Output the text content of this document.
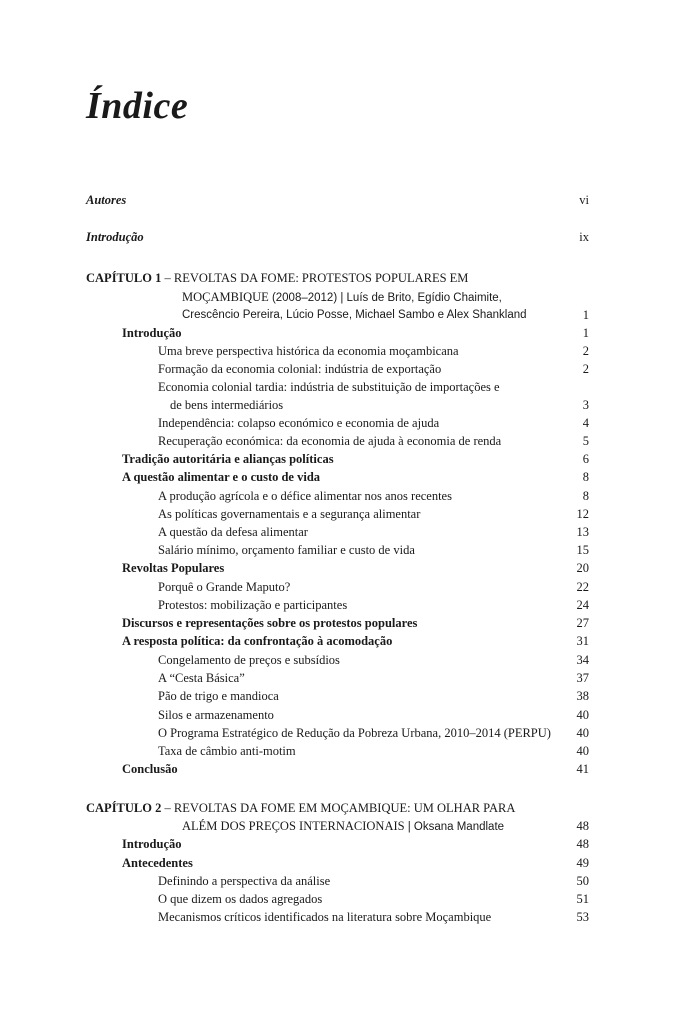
Índice
Autores	vi
Introdução	ix
CAPÍTULO 1 – REVOLTAS DA FOME: PROTESTOS POPULARES EM
MOÇAMBIQUE (2008–2012) | Luís de Brito, Egídio Chaimite,
Crescêncio Pereira, Lúcio Posse, Michael Sambo e Alex Shankland	1
Introdução	1
Uma breve perspectiva histórica da economia moçambicana	2
Formação da economia colonial: indústria de exportação	2
Economia colonial tardia: indústria de substituição de importações e
de bens intermediários	3
Independência: colapso económico e economia de ajuda	4
Recuperação económica: da economia de ajuda à economia de renda	5
Tradição autoritária e alianças políticas	6
A questão alimentar e o custo de vida	8
A produção agrícola e o défice alimentar nos anos recentes	8
As políticas governamentais e a segurança alimentar	12
A questão da defesa alimentar	13
Salário mínimo, orçamento familiar e custo de vida	15
Revoltas Populares	20
Porquê o Grande Maputo?	22
Protestos: mobilização e participantes	24
Discursos e representações sobre os protestos populares	27
A resposta política: da confrontação à acomodação	31
Congelamento de preços e subsídios	34
A “Cesta Básica”	37
Pão de trigo e mandioca	38
Silos e armazenamento	40
O Programa Estratégico de Redução da Pobreza Urbana, 2010–2014 (PERPU) 40
Taxa de câmbio anti-motim	40
Conclusão	41
CAPÍTULO 2 – REVOLTAS DA FOME EM MOÇAMBIQUE: UM OLHAR PARA
ALÉM DOS PREÇOS INTERNACIONAIS | Oksana Mandlate	48
Introdução	48
Antecedentes	49
Definindo a perspectiva da análise	50
O que dizem os dados agregados	51
Mecanismos críticos identificados na literatura sobre Moçambique	53
